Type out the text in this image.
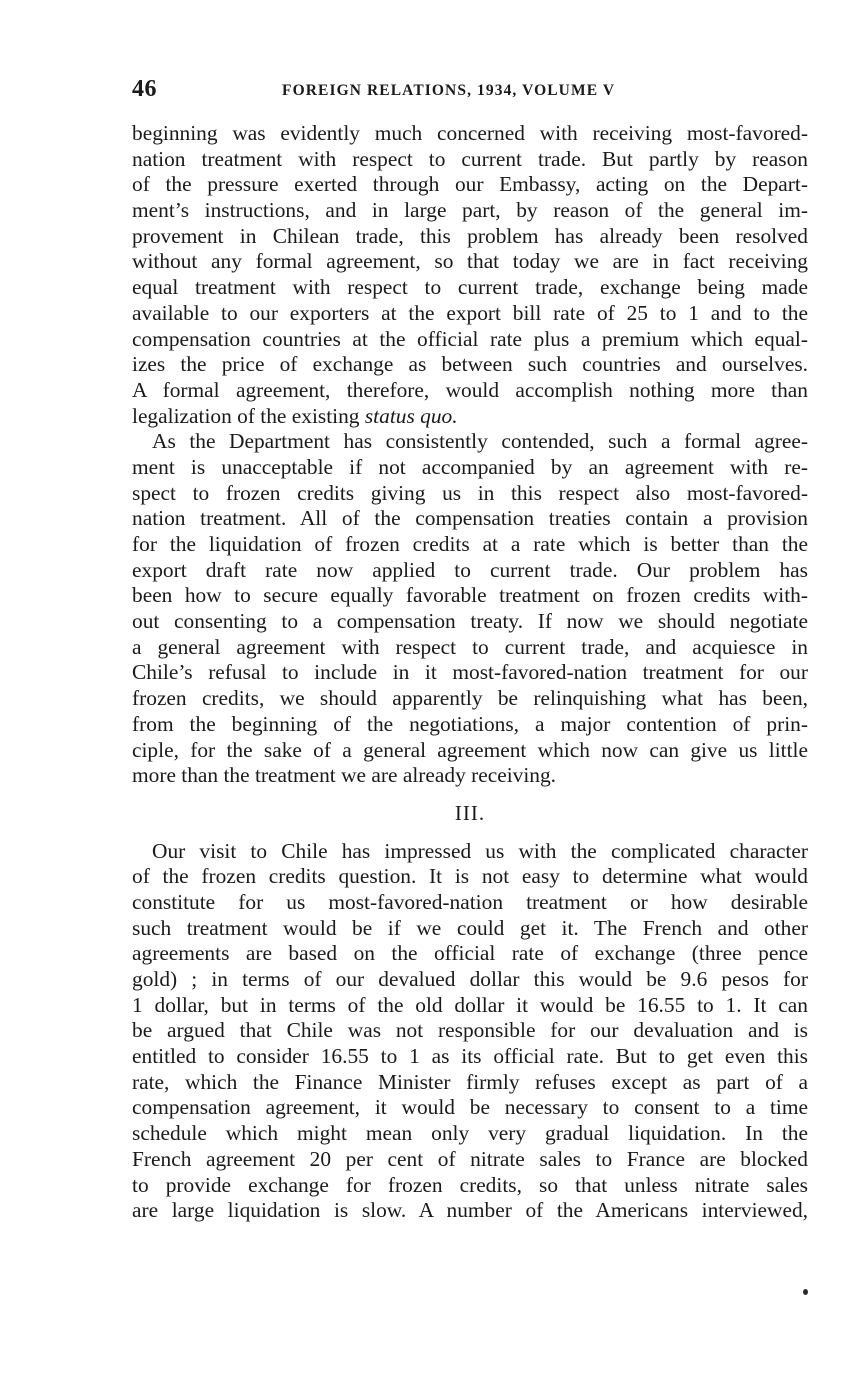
46	FOREIGN RELATIONS, 1934, VOLUME V
beginning was evidently much concerned with receiving most-favored-
nation treatment with respect to current trade. But partly by reason
of the pressure exerted through our Embassy, acting on the Depart-
ment’s instructions, and in large part, by reason of the general im-
provement in Chilean trade, this problem has already been resolved
without any formal agreement, so that today we are in fact receiving
equal treatment with respect to current trade, exchange being made
available to our exporters at the export bill rate of 25 to 1 and to the
compensation countries at the official rate plus a premium which equal-
izes the price of exchange as between such countries and ourselves.
A formal agreement, therefore, would accomplish nothing more than
legalization of the existing status quo.
As the Department has consistently contended, such a formal agree-
ment is unacceptable if not accompanied by an agreement with re-
spect to frozen credits giving us in this respect also most-favored-
nation treatment. All of the compensation treaties contain a provision
for the liquidation of frozen credits at a rate which is better than the
export draft rate now applied to current trade. Our problem has
been how to secure equally favorable treatment on frozen credits with-
out consenting to a compensation treaty. If now we should negotiate
a general agreement with respect to current trade, and acquiesce in
Chile’s refusal to include in it most-favored-nation treatment for our
frozen credits, we should apparently be relinquishing what has been,
from the beginning of the negotiations, a major contention of prin-
ciple, for the sake of a general agreement which now can give us little
more than the treatment we are already receiving.
III.
Our visit to Chile has impressed us with the complicated character
of the frozen credits question. It is not easy to determine what would
constitute for us most-favored-nation treatment or how desirable
such treatment would be if we could get it. The French and other
agreements are based on the official rate of exchange (three pence
gold) ; in terms of our devalued dollar this would be 9.6 pesos for
1 dollar, but in terms of the old dollar it would be 16.55 to 1. It can
be argued that Chile was not responsible for our devaluation and is
entitled to consider 16.55 to 1 as its official rate. But to get even this
rate, which the Finance Minister firmly refuses except as part of a
compensation agreement, it would be necessary to consent to a time
schedule which might mean only very gradual liquidation. In the
French agreement 20 per cent of nitrate sales to France are blocked
to provide exchange for frozen credits, so that unless nitrate sales
are large liquidation is slow. A number of the Americans interviewed,
